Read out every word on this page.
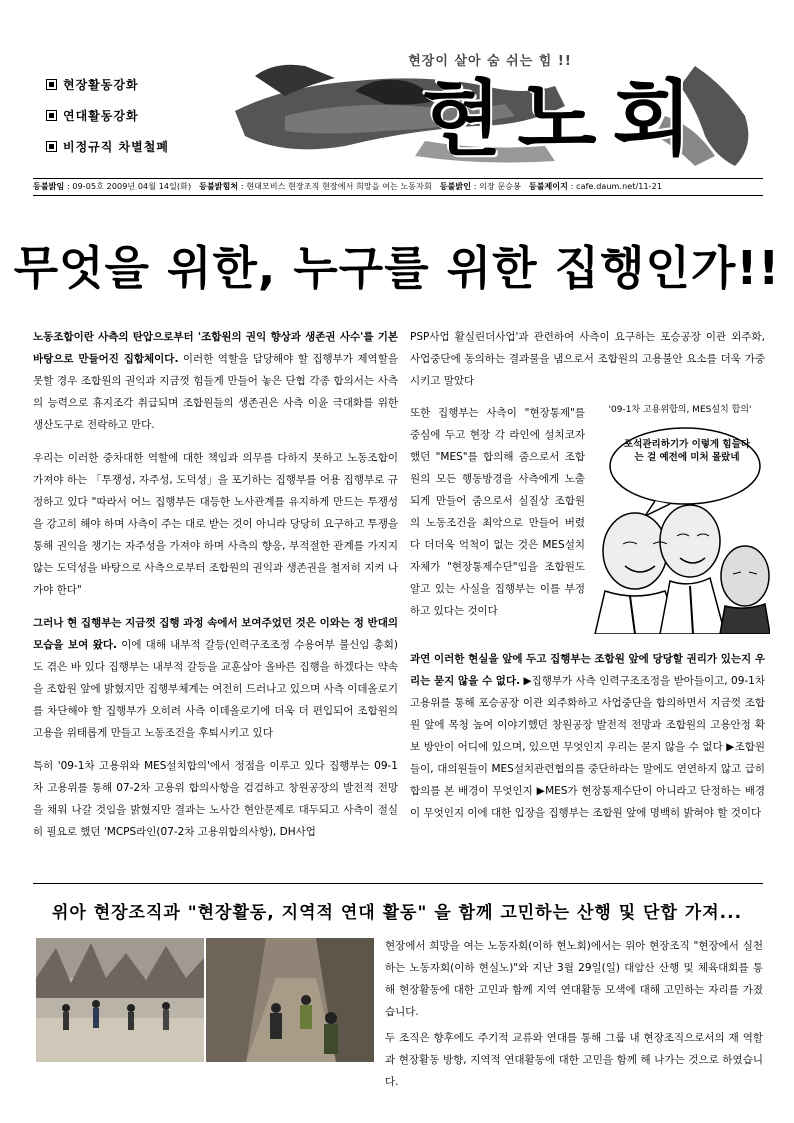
현장활동강화
연대활동강화
비정규직 차별철폐
현장이 살아 숨 쉬는 힘 !!
현노회
등불밝임 : 09-05호 2009년 04월 14일(화) 등불밝힘처 : 현대모비스 현장조직 현장에서 희망을 여는 노동자회 등불밝인 : 의장 문승봉 등불제이지 : cafe.daum.net/11-21
무엇을 위한, 누구를 위한 집행인가!!

노동조합이란 사측의 탄압으로부터 '조합원의 권익 향상과 생존권 사수'를 기본 바탕으로 만들어진 집합체이다. 이러한 역할을 담당해야 할 집행부가 제역할을 못할 경우 조합원의 권익과 지금껏 힘들게 만들어 놓은 단협 각종 합의서는 사측의 능력으로 휴지조각 취급되며 조합원들의 생존권은 사측 이윤 극대화를 위한 생산도구로 전락하고 만다.

우리는 이러한 중차대한 역할에 대한 책임과 의무를 다하지 못하고 노동조합이 가져야 하는 「투쟁성, 자주성, 도덕성」을 포기하는 집행부를 어용 집행부로 규정하고 있다 "따라서 어느 집행부든 대등한 노사관계를 유지하게 만드는 투쟁성을 강고히 해야 하며 사측이 주는 대로 받는 것이 아니라 당당히 요구하고 투쟁을 통해 권익을 챙기는 자주성을 가져야 하며 사측의 향응, 부적절한 관계를 가지지 않는 도덕성을 바탕으로 사측으로부터 조합원의 권익과 생존권을 철저히 지켜 나가야 한다"

그러나 현 집행부는 지금껏 집행 과정 속에서 보여주었던 것은 이와는 정 반대의 모습을 보여 왔다. 이에 대해 내부적 갈등(인력구조조정 수용여부 불신임 총회)도 겪은 바 있다 집행부는 내부적 갈등을 교훈삼아 올바른 집행을 하겠다는 약속을 조합원 앞에 밝혔지만 집행부체계는 여전히 드러나고 있으며 사측 이데올로기를 차단해야 할 집행부가 오히려 사측 이데올로기에 더욱 더 편입되어 조합원의 고용을 위태롭게 만들고 노동조건을 후퇴시키고 있다

특히 '09-1차 고용위와 MES설치합의'에서 정점을 이루고 있다 집행부는 09-1차 고용위를 통해 07-2차 고용위 합의사항을 검검하고 창원공장의 발전적 전망을 채워 나갈 것임을 밝혔지만 결과는 노사간 현안문제로 대두되고 사측이 절실히 필요로 했던 'MCPS라인(07-2차 고용위합의사항), DH사업

PSP사업 활실린더사업'과 관련하여 사측이 요구하는 포승공장 이관 외주화, 사업중단에 동의하는 결과물을 냄으로서 조합원의 고용불안 요소를 더욱 가중시키고 말았다
또한 집행부는 사측이 "현장통제"를 중심에 두고 현장 각 라인에 설치코자 했던 "MES"를 합의해 줌으로서 조합원의 모든 행동방경을 사측에게 노출되게 만들어 줌으로서 실질상 조합원의 노동조건을 최악으로 만들어 버렸다 더더욱 억척이 없는 것은 MES설치 자체가 "현장통제수단"임을 조합원도 알고 있는 사실을 집행부는 이를 부정하고 있다는 것이다
'09-1차 고용위합의, MES설치 합의'
포석관리하기가 이렇게 힘들다는 걸 예전에 미처 몰랐네
과연 이러한 현실을 앞에 두고 집행부는 조합원 앞에 당당할 권리가 있는지 우리는 묻지 않을 수 없다. ▶집행부가 사측 인력구조조정을 받아들이고, 09-1차 고용위를 통해 포승공장 이관 외주화하고 사업중단을 합의하면서 지금껏 조합원 앞에 목청 높여 이야기했던 창원공장 발전적 전망과 조합원의 고용안정 확보 방안이 어디에 있으며, 있으면 무엇인지 우리는 묻지 않을 수 없다 ▶조합원들이, 대의원들이 MES설치관련협의를 중단하라는 말에도 연연하지 않고 급히 합의를 본 배경이 무엇인지 ▶MES가 현장통제수단이 아니라고 단정하는 배경이 무엇인지 이에 대한 입장을 집행부는 조합원 앞에 명백히 밝혀야 할 것이다
위아 현장조직과 "현장활동, 지역적 연대 활동" 을 함께 고민하는 산행 및 단합 가져...

현장에서 희망을 여는 노동자회(이하 현노회)에서는 위아 현장조직 "현장에서 실천하는 노동자회(이하 현실노)"와 지난 3월 29일(일) 대암산 산행 및 체육대회를 통해 현장활동에 대한 고민과 함께 지역 연대활동 모색에 대해 고민하는 자리를 가졌습니다.

두 조직은 향후에도 주기적 교류와 연대를 통해 그룹 내 현장조직으로서의 재 역할과 현장활동 방향, 지역적 연대활동에 대한 고민을 함께 해 나가는 것으로 하였습니다.
